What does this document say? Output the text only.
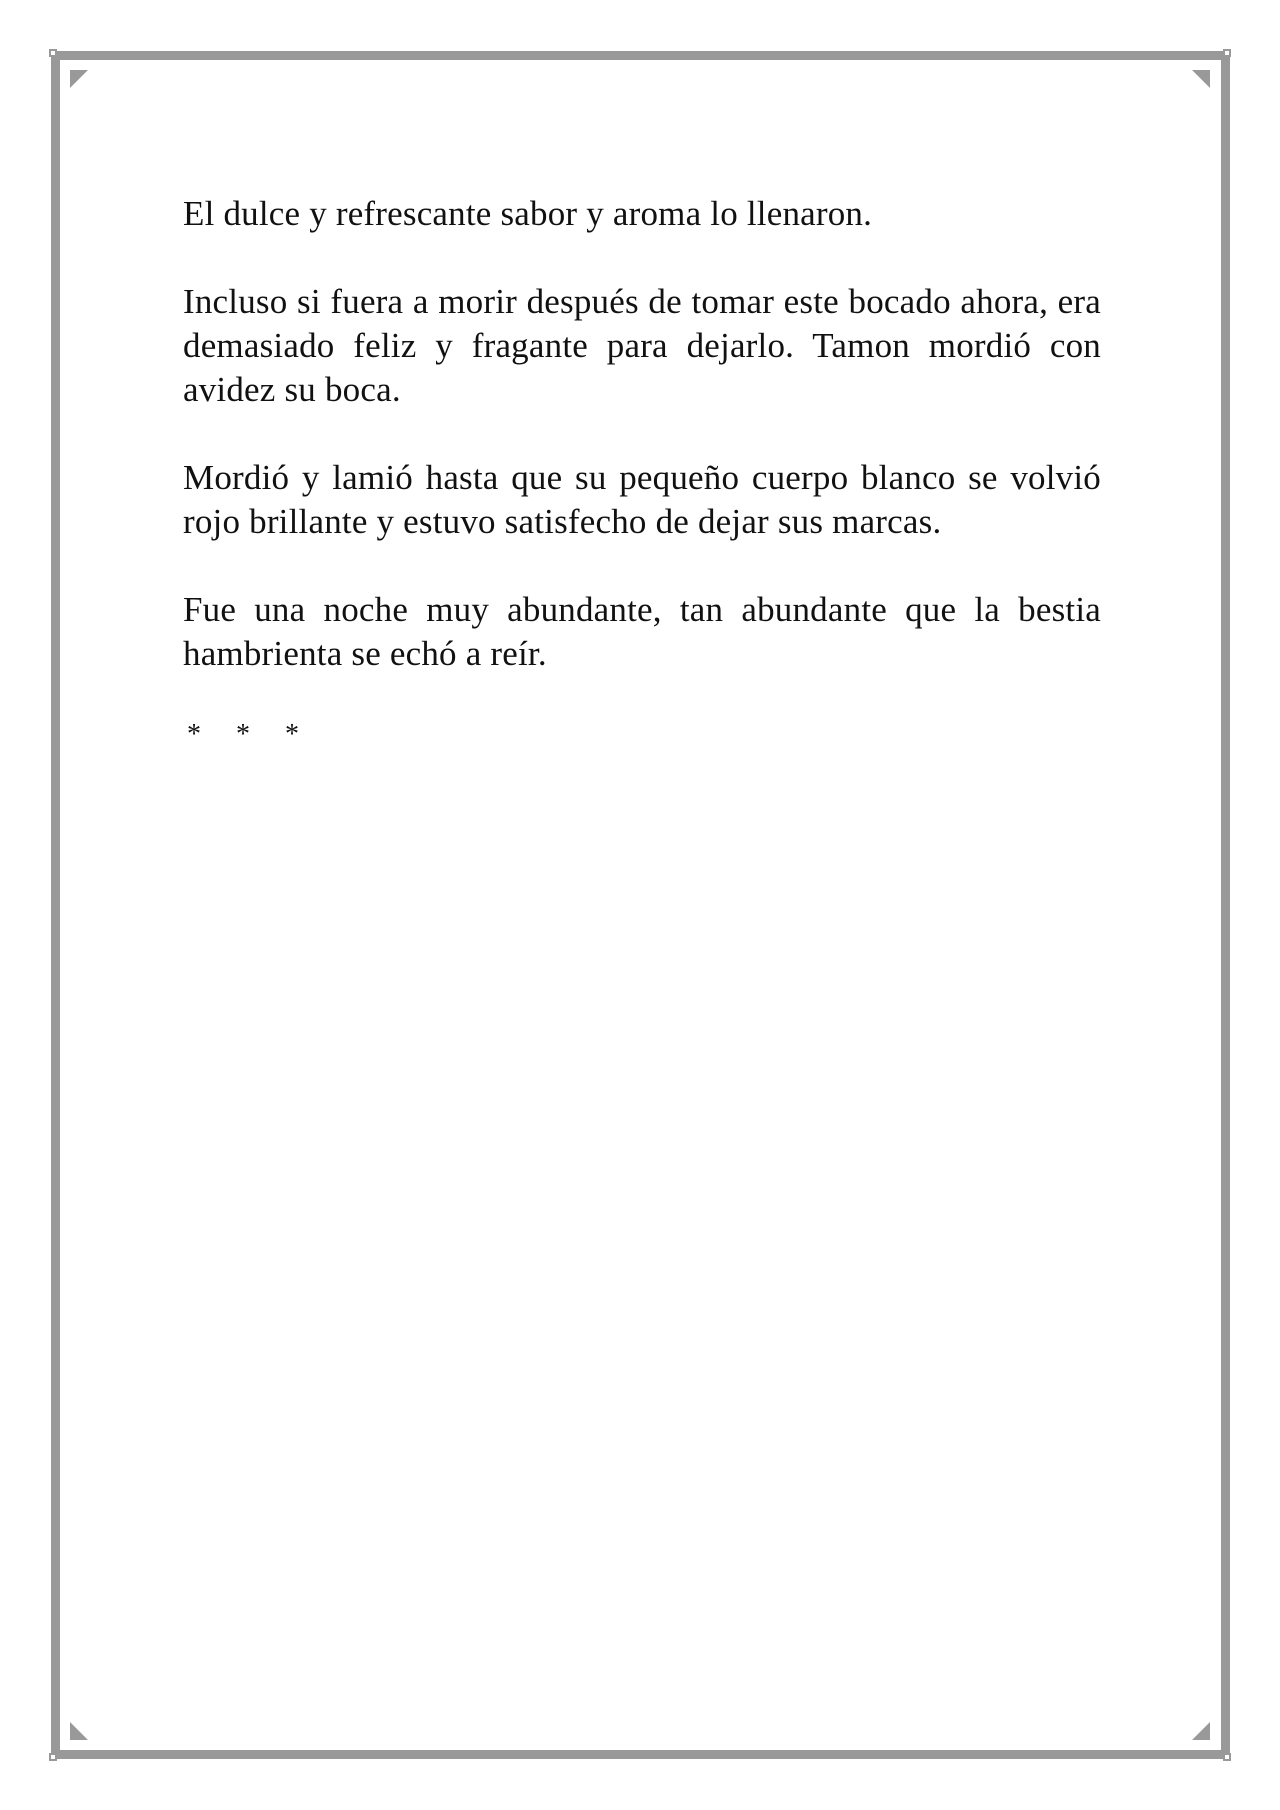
El dulce y refrescante sabor y aroma lo llenaron.

Incluso si fuera a morir después de tomar este bocado ahora, era demasiado feliz y fragante para dejarlo. Tamon mordió con avidez su boca.

Mordió y lamió hasta que su pequeño cuerpo blanco se volvió rojo brillante y estuvo satisfecho de dejar sus marcas.

Fue una noche muy abundante, tan abundante que la bestia hambrienta se echó a reír.

* * *
